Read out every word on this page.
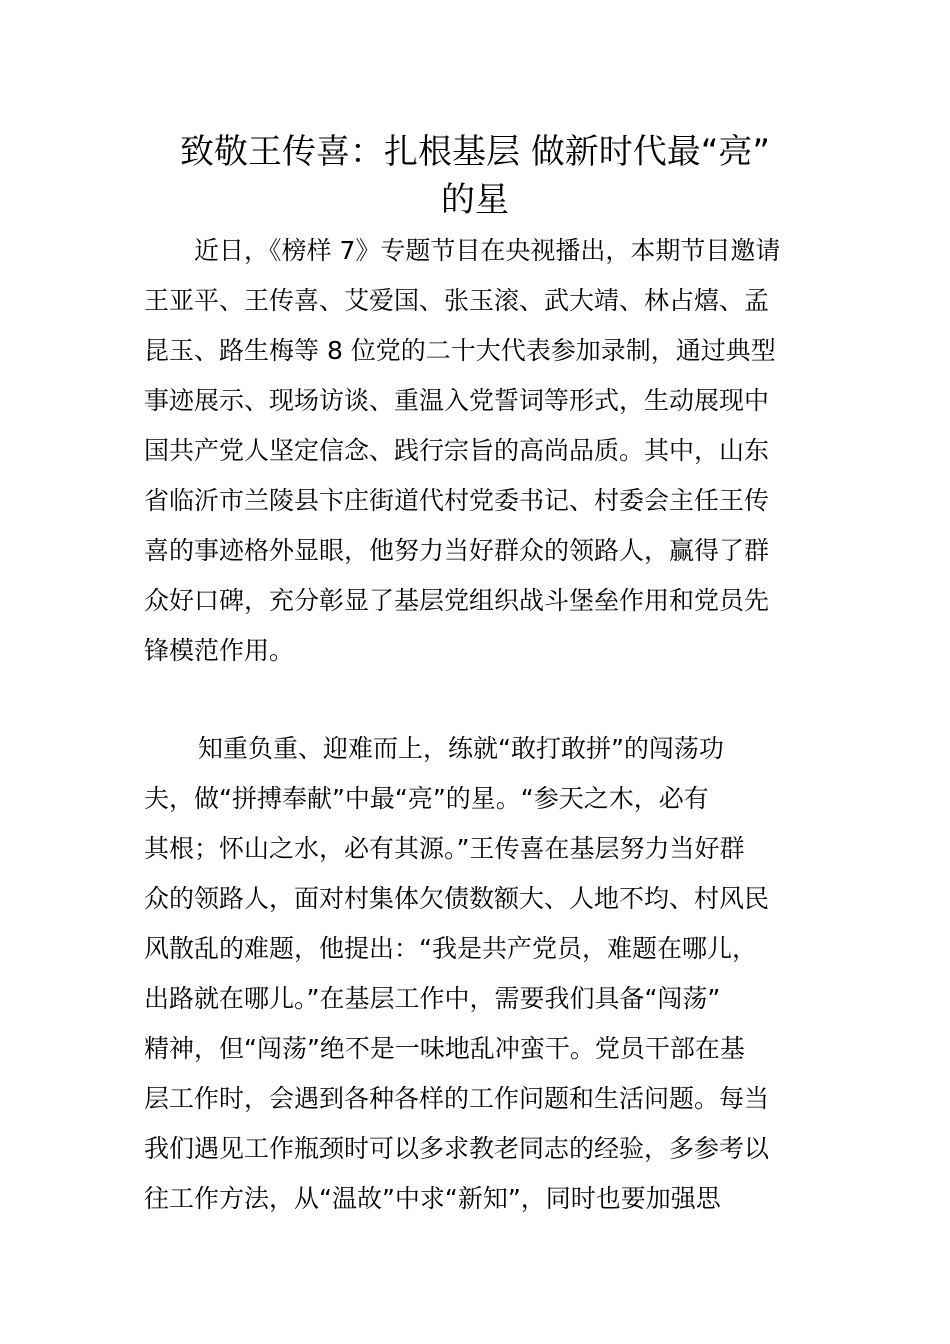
致敬王传喜：扎根基层 做新时代最“亮”
的星
近日，《榜样 7》专题节目在央视播出，本期节目邀请
王亚平、王传喜、艾爱国、张玉滚、武大靖、林占熺、孟
昆玉、路生梅等 8 位党的二十大代表参加录制，通过典型
事迹展示、现场访谈、重温入党誓词等形式，生动展现中
国共产党人坚定信念、践行宗旨的高尚品质。其中，山东
省临沂市兰陵县卞庄街道代村党委书记、村委会主任王传
喜的事迹格外显眼，他努力当好群众的领路人，赢得了群
众好口碑，充分彰显了基层党组织战斗堡垒作用和党员先
锋模范作用。
知重负重、迎难而上，练就“敢打敢拼”的闯荡功
夫，做“拼搏奉献”中最“亮”的星。“参天之木，必有
其根；怀山之水，必有其源。”王传喜在基层努力当好群
众的领路人，面对村集体欠债数额大、人地不均、村风民
风散乱的难题，他提出：“我是共产党员，难题在哪儿，
出路就在哪儿。”在基层工作中，需要我们具备“闯荡”
精神，但“闯荡”绝不是一味地乱冲蛮干。党员干部在基
层工作时，会遇到各种各样的工作问题和生活问题。每当
我们遇见工作瓶颈时可以多求教老同志的经验，多参考以
往工作方法，从“温故”中求“新知”，同时也要加强思
